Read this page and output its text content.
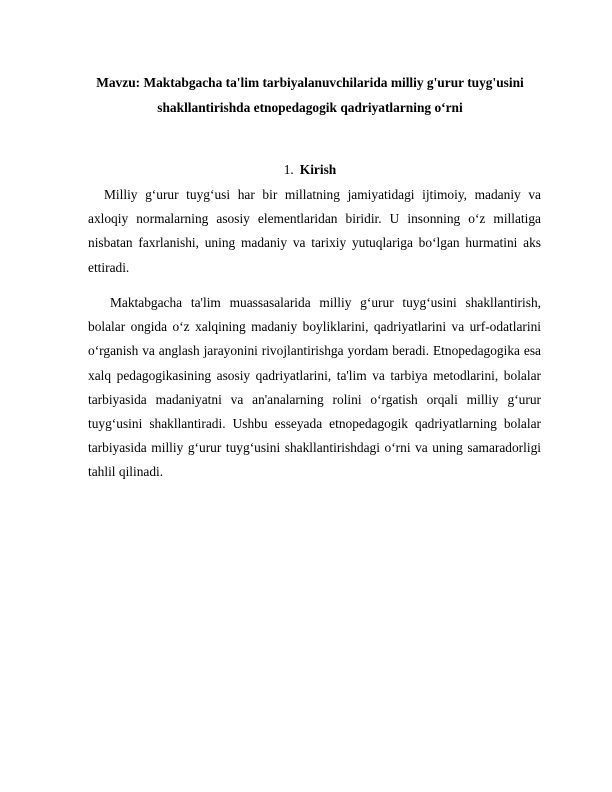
Mavzu: Maktabgacha ta'lim tarbiyalanuvchilarida milliy g'urur tuyg'usini shakllantirishda etnopedagogik qadriyatlarning o‘rni
1. Kirish

Milliy g‘urur tuyg‘usi har bir millatning jamiyatidagi ijtimoiy, madaniy va axloqiy normalarning asosiy elementlaridan biridir. U insonning o‘z millatiga nisbatan faxrlanishi, uning madaniy va tarixiy yutuqlariga bo‘lgan hurmatini aks ettiradi.

Maktabgacha ta'lim muassasalarida milliy g‘urur tuyg‘usini shakllantirish, bolalar ongida o‘z xalqining madaniy boyliklarini, qadriyatlarini va urf-odatlarini o‘rganish va anglash jarayonini rivojlantirishga yordam beradi. Etnopedagogika esa xalq pedagogikasining asosiy qadriyatlarini, ta'lim va tarbiya metodlarini, bolalar tarbiyasida madaniyatni va an'analarning rolini o‘rgatish orqali milliy g‘urur tuyg‘usini shakllantiradi. Ushbu esseyada etnopedagogik qadriyatlarning bolalar tarbiyasida milliy g‘urur tuyg‘usini shakllantirishdagi o‘rni va uning samaradorligi tahlil qilinadi.
